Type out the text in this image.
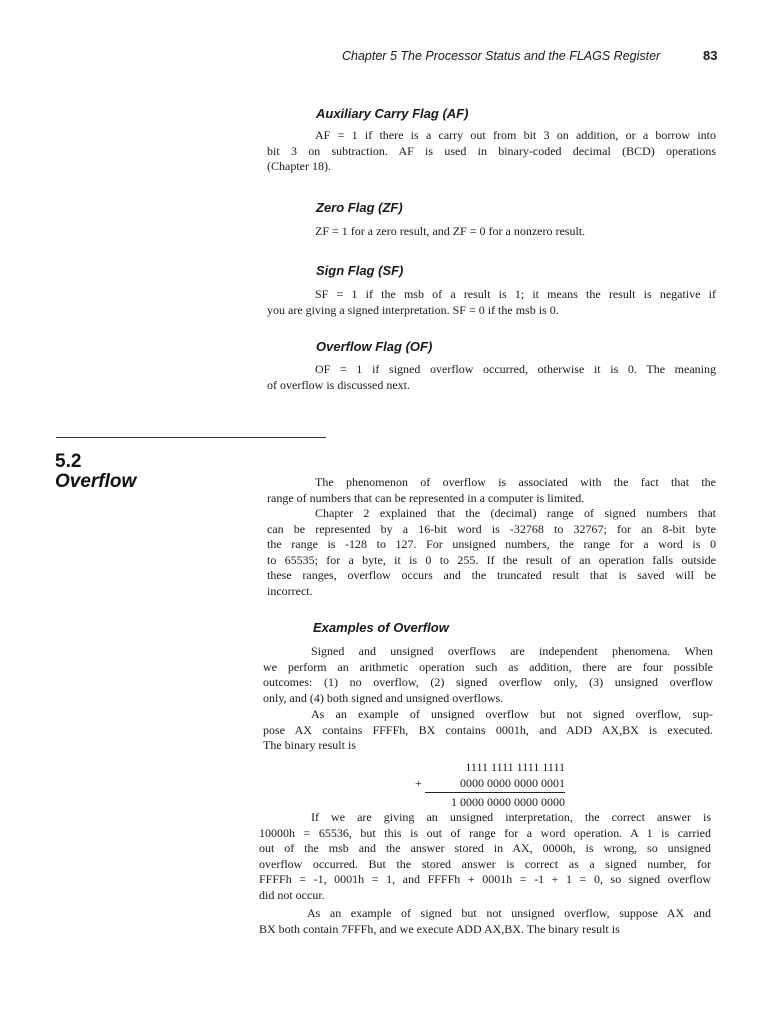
Chapter 5 The Processor Status and the FLAGS Register	83
Auxiliary Carry Flag (AF)
AF = 1 if there is a carry out from bit 3 on addition, or a borrow into
bit 3 on subtraction. AF is used in binary-coded decimal (BCD) operations
(Chapter 18).
Zero Flag (ZF)
ZF = 1 for a zero result, and ZF = 0 for a nonzero result.
Sign Flag (SF)
SF = 1 if the msb of a result is 1; it means the result is negative if
you are giving a signed interpretation. SF = 0 if the msb is 0.
Overflow Flag (OF)
OF = 1 if signed overflow occurred, otherwise it is 0. The meaning
of overflow is discussed next.
5.2
Overflow	The phenomenon of overflow is associated with the fact that the
range of numbers that can be represented in a computer is limited.
Chapter 2 explained that the (decimal) range of signed numbers that
can be represented by a 16-bit word is -32768 to 32767; for an 8-bit byte
the range is -128 to 127. For unsigned numbers, the range for a word is 0
to 65535; for a byte, it is 0 to 255. If the result of an operation falls outside
these ranges, overflow occurs and the truncated result that is saved will be
incorrect.
Examples of Overflow
Signed and unsigned overflows are independent phenomena. When
we perform an arithmetic operation such as addition, there are four possible
outcomes: (1) no overflow, (2) signed overflow only, (3) unsigned overflow
only, and (4) both signed and unsigned overflows.
As an example of unsigned overflow but not signed overflow, sup-
pose AX contains FFFFh, BX contains 0001h, and ADD AX,BX is executed.
The binary result is
1111 1111 1111 1111
+	0000 0000 0000 0001
1 0000 0000 0000 0000
If we are giving an unsigned interpretation, the correct answer is
10000h = 65536, but this is out of range for a word operation. A 1 is carried
out of the msb and the answer stored in AX, 0000h, is wrong, so unsigned
overflow occurred. But the stored answer is correct as a signed number, for
FFFFh = -1, 0001h = 1, and FFFFh + 0001h = -1 + 1 = 0, so signed overflow
did not occur.
As an example of signed but not unsigned overflow, suppose AX and
BX both contain 7FFFh, and we execute ADD AX,BX. The binary result is
